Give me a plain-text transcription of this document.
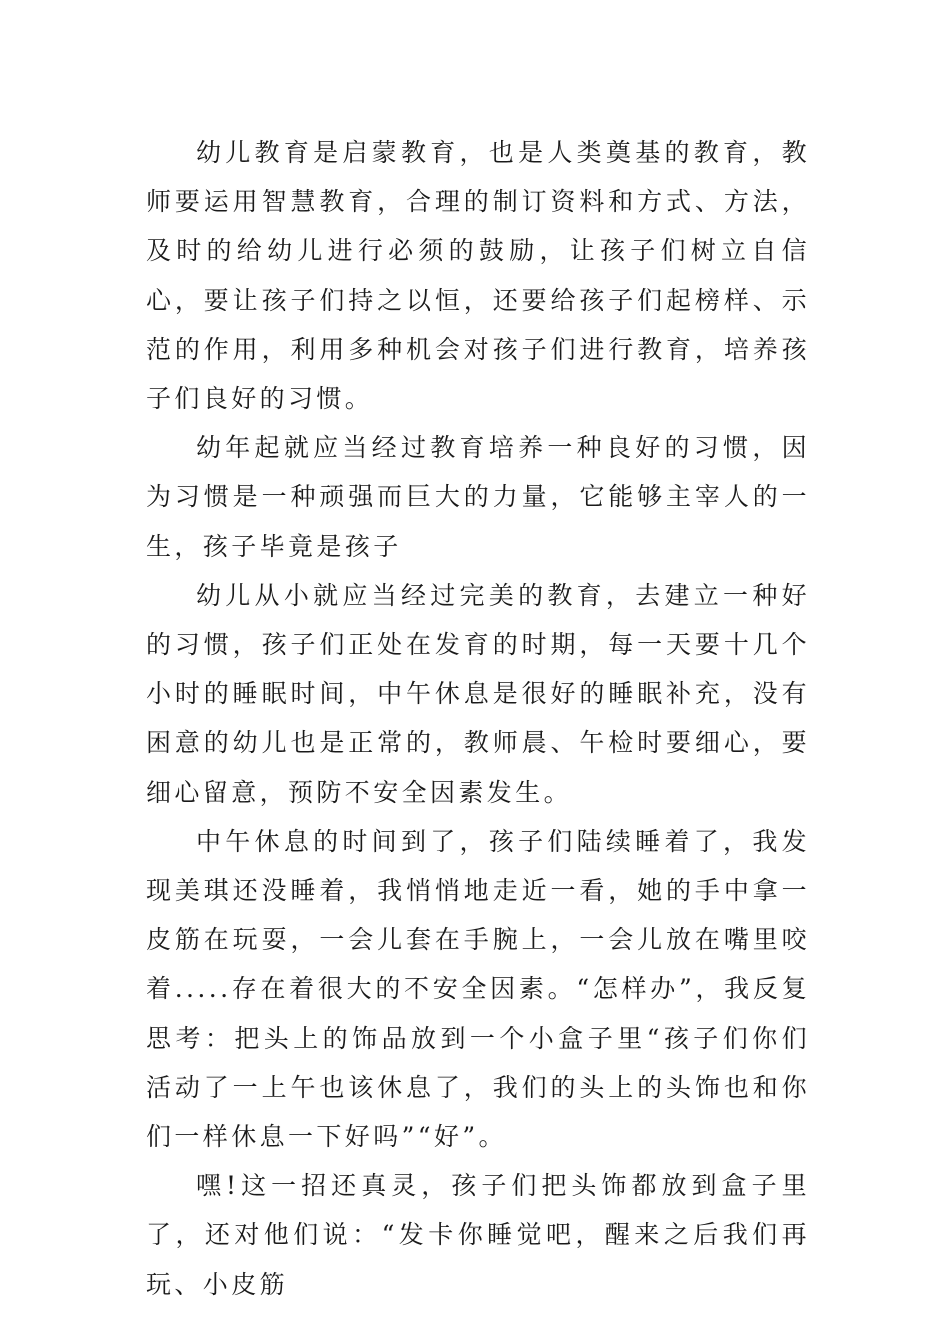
幼儿教育是启蒙教育，也是人类奠基的教育，教师要运用智慧教育，合理的制订资料和方式、方法，及时的给幼儿进行必须的鼓励，让孩子们树立自信心，要让孩子们持之以恒，还要给孩子们起榜样、示范的作用，利用多种机会对孩子们进行教育，培养孩子们良好的习惯。

幼年起就应当经过教育培养一种良好的习惯，因为习惯是一种顽强而巨大的力量，它能够主宰人的一生，孩子毕竟是孩子

幼儿从小就应当经过完美的教育，去建立一种好的习惯，孩子们正处在发育的时期，每一天要十几个小时的睡眠时间，中午休息是很好的睡眠补充，没有困意的幼儿也是正常的，教师晨、午检时要细心，要细心留意，预防不安全因素发生。

中午休息的时间到了，孩子们陆续睡着了，我发现美琪还没睡着，我悄悄地走近一看，她的手中拿一皮筋在玩耍，一会儿套在手腕上，一会儿放在嘴里咬着.....存在着很大的不安全因素。“怎样办”，我反复思考：把头上的饰品放到一个小盒子里“孩子们你们活动了一上午也该休息了，我们的头上的头饰也和你们一样休息一下好吗”“好”。

嘿!这一招还真灵，孩子们把头饰都放到盒子里了，还对他们说：“发卡你睡觉吧，醒来之后我们再玩、小皮筋
